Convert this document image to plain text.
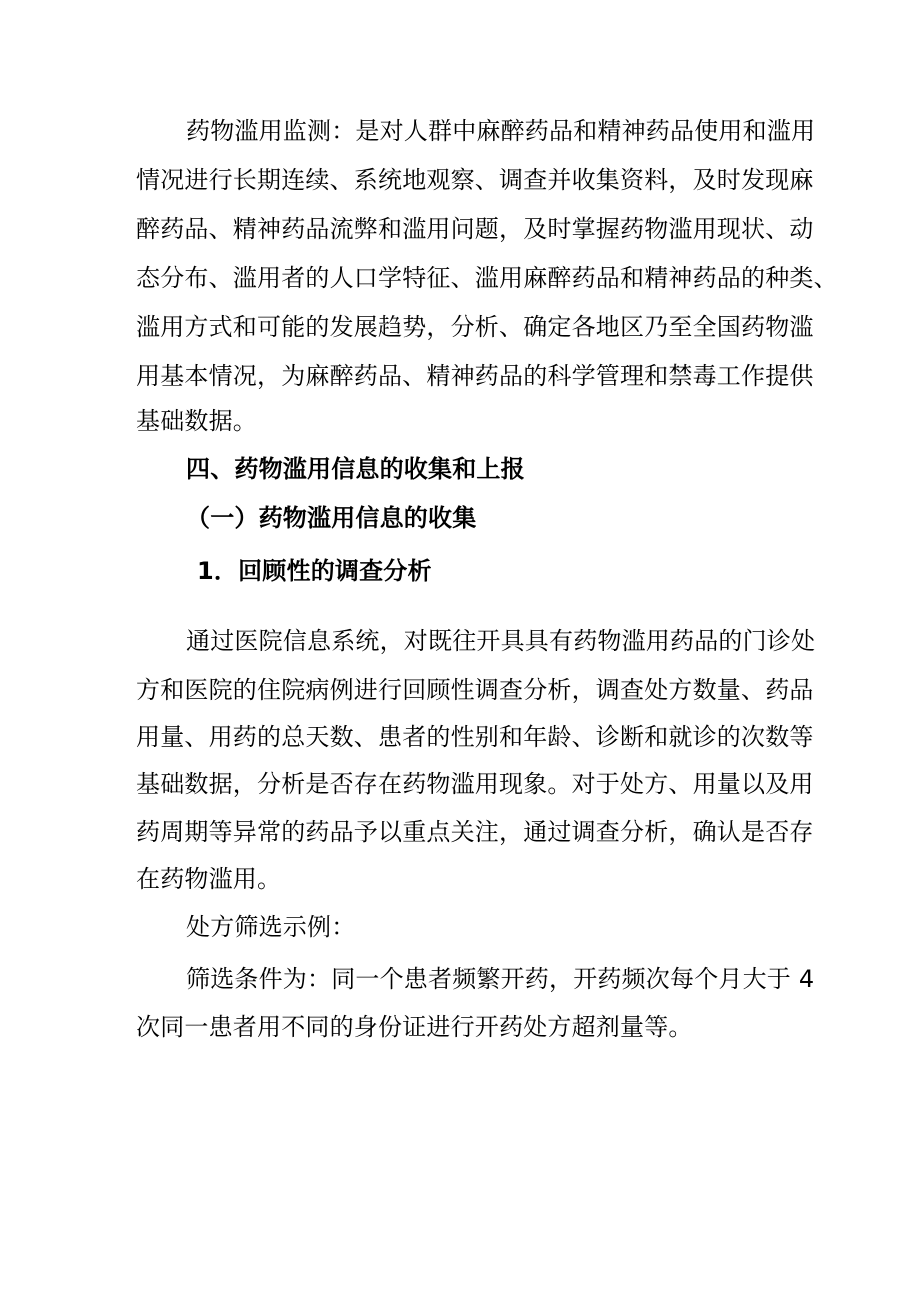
药物滥用监测：是对人群中麻醉药品和精神药品使用和滥用
情况进行长期连续、系统地观察、调查并收集资料，及时发现麻
醉药品、精神药品流弊和滥用问题，及时掌握药物滥用现状、动
态分布、滥用者的人口学特征、滥用麻醉药品和精神药品的种类、
滥用方式和可能的发展趋势，分析、确定各地区乃至全国药物滥
用基本情况，为麻醉药品、精神药品的科学管理和禁毒工作提供
基础数据。
四、药物滥用信息的收集和上报
（一）药物滥用信息的收集
1．回顾性的调查分析
通过医院信息系统，对既往开具具有药物滥用药品的门诊处
方和医院的住院病例进行回顾性调查分析，调查处方数量、药品
用量、用药的总天数、患者的性别和年龄、诊断和就诊的次数等
基础数据，分析是否存在药物滥用现象。对于处方、用量以及用
药周期等异常的药品予以重点关注，通过调查分析，确认是否存
在药物滥用。
处方筛选示例：
筛选条件为：同一个患者频繁开药，开药频次每个月大于 4
次同一患者用不同的身份证进行开药处方超剂量等。
